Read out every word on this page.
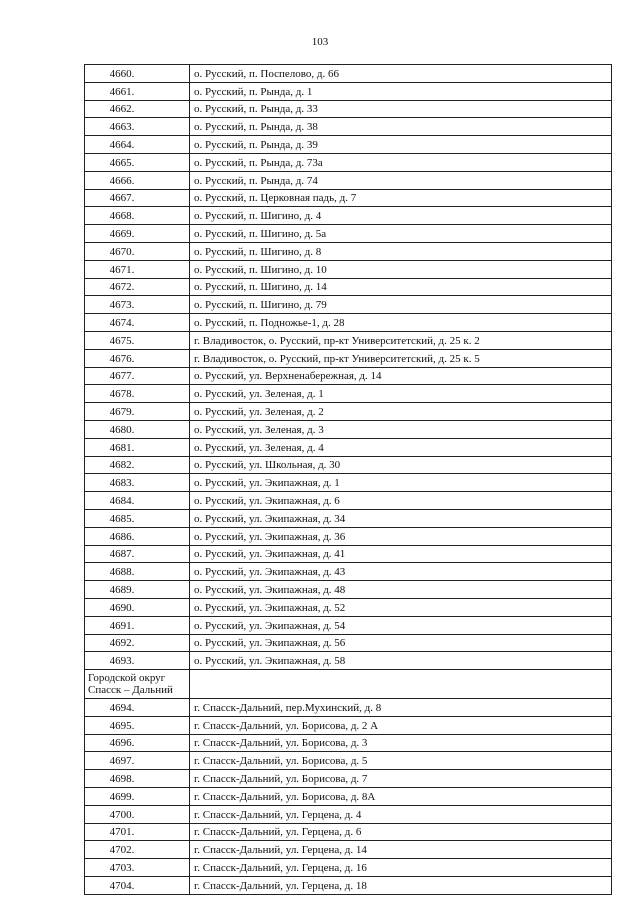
103
4660.	о. Русский, п. Поспелово, д. 66
4661.	о. Русский, п. Рында, д. 1
4662.	о. Русский, п. Рында, д. 33
4663.	о. Русский, п. Рында, д. 38
4664.	о. Русский, п. Рында, д. 39
4665.	о. Русский, п. Рында, д. 73а
4666.	о. Русский, п. Рында, д. 74
4667.	о. Русский, п. Церковная падь, д. 7
4668.	о. Русский, п. Шигино, д. 4
4669.	о. Русский, п. Шигино, д. 5а
4670.	о. Русский, п. Шигино, д. 8
4671.	о. Русский, п. Шигино, д. 10
4672.	о. Русский, п. Шигино, д. 14
4673.	о. Русский, п. Шигино, д. 79
4674.	о. Русский, п. Подножье-1, д. 28
4675.	г. Владивосток, о. Русский, пр-кт Университетский, д. 25 к. 2
4676.	г. Владивосток, о. Русский, пр-кт Университетский, д. 25 к. 5
4677.	о. Русский, ул. Верхненабережная, д. 14
4678.	о. Русский, ул. Зеленая, д. 1
4679.	о. Русский, ул. Зеленая, д. 2
4680.	о. Русский, ул. Зеленая, д. 3
4681.	о. Русский, ул. Зеленая, д. 4
4682.	о. Русский, ул. Школьная, д. 30
4683.	о. Русский, ул. Экипажная, д. 1
4684.	о. Русский, ул. Экипажная, д. 6
4685.	о. Русский, ул. Экипажная, д. 34
4686.	о. Русский, ул. Экипажная, д. 36
4687.	о. Русский, ул. Экипажная, д. 41
4688.	о. Русский, ул. Экипажная, д. 43
4689.	о. Русский, ул. Экипажная, д. 48
4690.	о. Русский, ул. Экипажная, д. 52
4691.	о. Русский, ул. Экипажная, д. 54
4692.	о. Русский, ул. Экипажная, д. 56
4693.	о. Русский, ул. Экипажная, д. 58
Городской округ Спасск – Дальний	
4694.	г. Спасск-Дальний, пер.Мухинский, д. 8
4695.	г. Спасск-Дальний, ул. Борисова, д. 2 А
4696.	г. Спасск-Дальний, ул. Борисова, д. 3
4697.	г. Спасск-Дальний, ул. Борисова, д. 5
4698.	г. Спасск-Дальний, ул. Борисова, д. 7
4699.	г. Спасск-Дальний, ул. Борисова, д. 8А
4700.	г. Спасск-Дальний, ул. Герцена, д. 4
4701.	г. Спасск-Дальний, ул. Герцена, д. 6
4702.	г. Спасск-Дальний, ул. Герцена, д. 14
4703.	г. Спасск-Дальний, ул. Герцена, д. 16
4704.	г. Спасск-Дальний, ул. Герцена, д. 18
